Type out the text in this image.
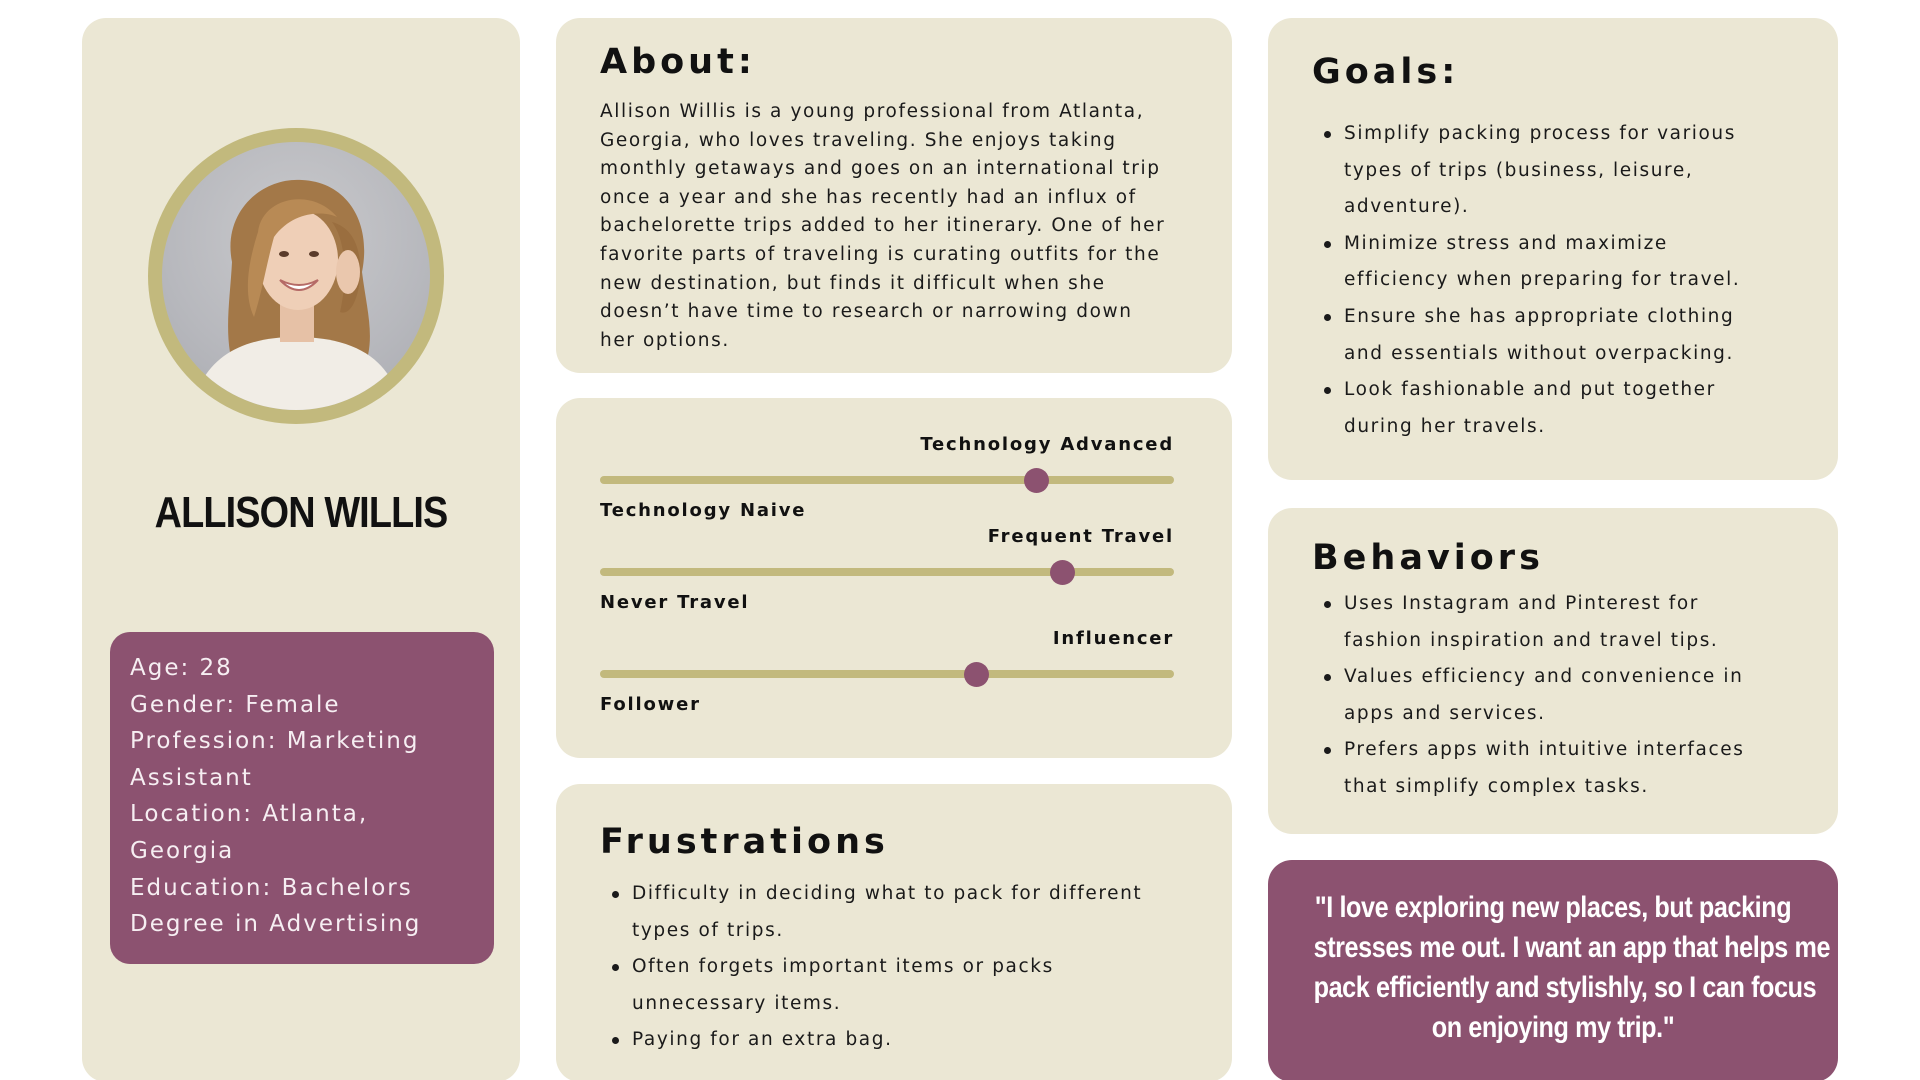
ALLISON WILLIS
Age: 28
Gender: Female
Profession: Marketing
Assistant
Location: Atlanta,
Georgia
Education: Bachelors
Degree in Advertising
About:
Allison Willis is a young professional from Atlanta,
Georgia, who loves traveling. She enjoys taking
monthly getaways and goes on an international trip
once a year and she has recently had an influx of
bachelorette trips added to her itinerary. One of her
favorite parts of traveling is curating outfits for the
new destination, but finds it difficult when she
doesn’t have time to research or narrowing down
her options.
Technology Advanced
Technology Naive
Frequent Travel
Never Travel
Influencer
Follower
Frustrations
Difficulty in deciding what to pack for different
types of trips.
Often forgets important items or packs
unnecessary items.
Paying for an extra bag.
Goals:
Simplify packing process for various
types of trips (business, leisure,
adventure).
Minimize stress and maximize
efficiency when preparing for travel.
Ensure she has appropriate clothing
and essentials without overpacking.
Look fashionable and put together
during her travels.
Behaviors
Uses Instagram and Pinterest for
fashion inspiration and travel tips.
Values efficiency and convenience in
apps and services.
Prefers apps with intuitive interfaces
that simplify complex tasks.
"I love exploring new places, but packing
stresses me out. I want an app that helps me
pack efficiently and stylishly, so I can focus
on enjoying my trip."
